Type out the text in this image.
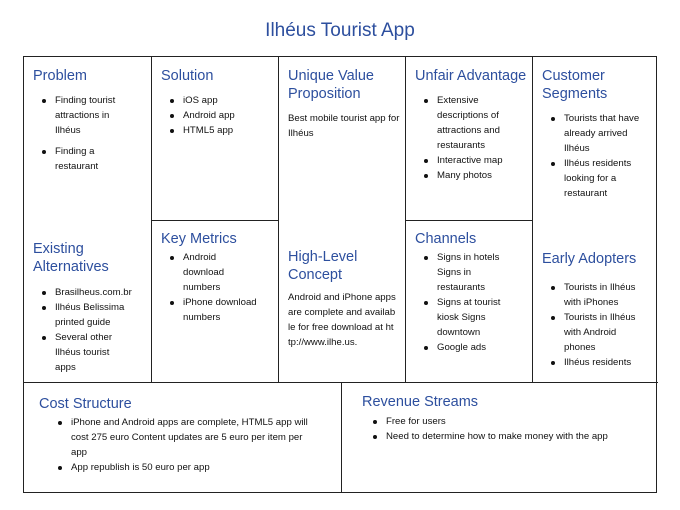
Ilhéus Tourist App
Problem
Finding tourist attractions in Ilhéus
Finding a restaurant
Existing Alternatives
Brasilheus.com.br
Ilhéus Belissima printed guide
Several other Ilhéus tourist apps
Solution
iOS app
Android app
HTML5 app
Key Metrics
Android download numbers
iPhone download numbers
Unique Value Proposition

Best mobile tourist app for Ilhéus

High-Level Concept

Android and iPhone apps are complete and available for free download at http://www.ilhe.us.

Unfair Advantage
Extensive descriptions of attractions and restaurants
Interactive map
Many photos
Channels
Signs in hotels Signs in restaurants
Signs at tourist kiosk Signs downtown
Google ads
Customer Segments
Tourists that have already arrived Ilhéus
Ilhéus residents looking for a restaurant
Early Adopters
Tourists in Ilhéus with iPhones
Tourists in Ilhéus with Android phones
Ilhéus residents
Cost Structure
iPhone and Android apps are complete, HTML5 app will cost 275 euro Content updates are 5 euro per item per app
App republish is 50 euro per app
Revenue Streams
Free for users
Need to determine how to make money with the app
